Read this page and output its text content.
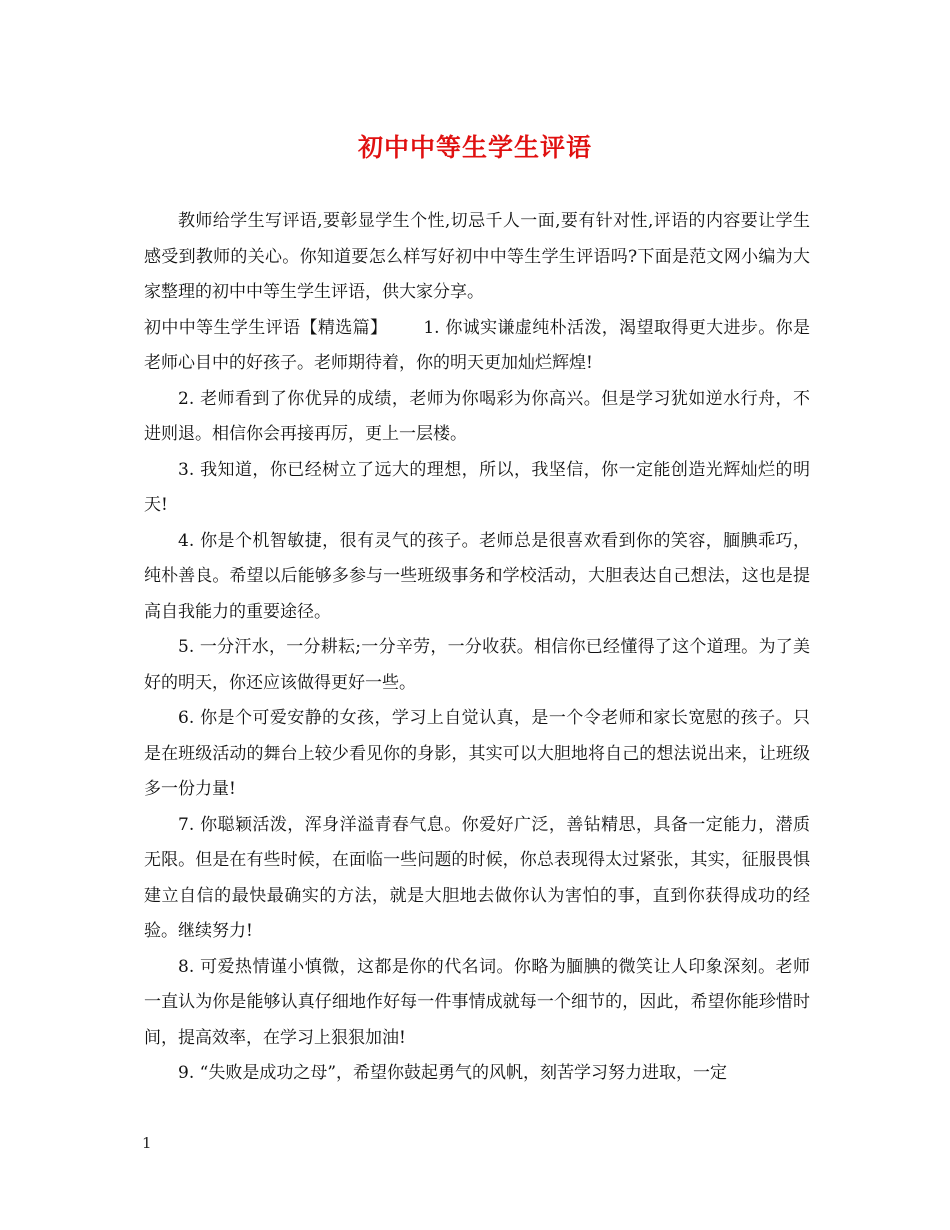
初中中等生学生评语

教师给学生写评语,要彰显学生个性,切忌千人一面,要有针对性,评语的内容要让学生感受到教师的关心。你知道要怎么样写好初中中等生学生评语吗?下面是范文网小编为大家整理的初中中等生学生评语，供大家分享。

初中中等生学生评语【精选篇】 1. 你诚实谦虚纯朴活泼，渴望取得更大进步。你是老师心目中的好孩子。老师期待着，你的明天更加灿烂辉煌!

2. 老师看到了你优异的成绩，老师为你喝彩为你高兴。但是学习犹如逆水行舟，不进则退。相信你会再接再厉，更上一层楼。

3. 我知道，你已经树立了远大的理想，所以，我坚信，你一定能创造光辉灿烂的明天!

4. 你是个机智敏捷，很有灵气的孩子。老师总是很喜欢看到你的笑容，腼腆乖巧，纯朴善良。希望以后能够多参与一些班级事务和学校活动，大胆表达自己想法，这也是提高自我能力的重要途径。

5. 一分汗水，一分耕耘;一分辛劳，一分收获。相信你已经懂得了这个道理。为了美好的明天，你还应该做得更好一些。

6. 你是个可爱安静的女孩，学习上自觉认真，是一个令老师和家长宽慰的孩子。只是在班级活动的舞台上较少看见你的身影，其实可以大胆地将自己的想法说出来，让班级多一份力量!

7. 你聪颖活泼，浑身洋溢青春气息。你爱好广泛，善钻精思，具备一定能力，潜质无限。但是在有些时候，在面临一些问题的时候，你总表现得太过紧张，其实，征服畏惧建立自信的最快最确实的方法，就是大胆地去做你认为害怕的事，直到你获得成功的经验。继续努力!

8. 可爱热情谨小慎微，这都是你的代名词。你略为腼腆的微笑让人印象深刻。老师一直认为你是能够认真仔细地作好每一件事情成就每一个细节的，因此，希望你能珍惜时间，提高效率，在学习上狠狠加油!

9. “失败是成功之母”，希望你鼓起勇气的风帆，刻苦学习努力进取，一定

1
